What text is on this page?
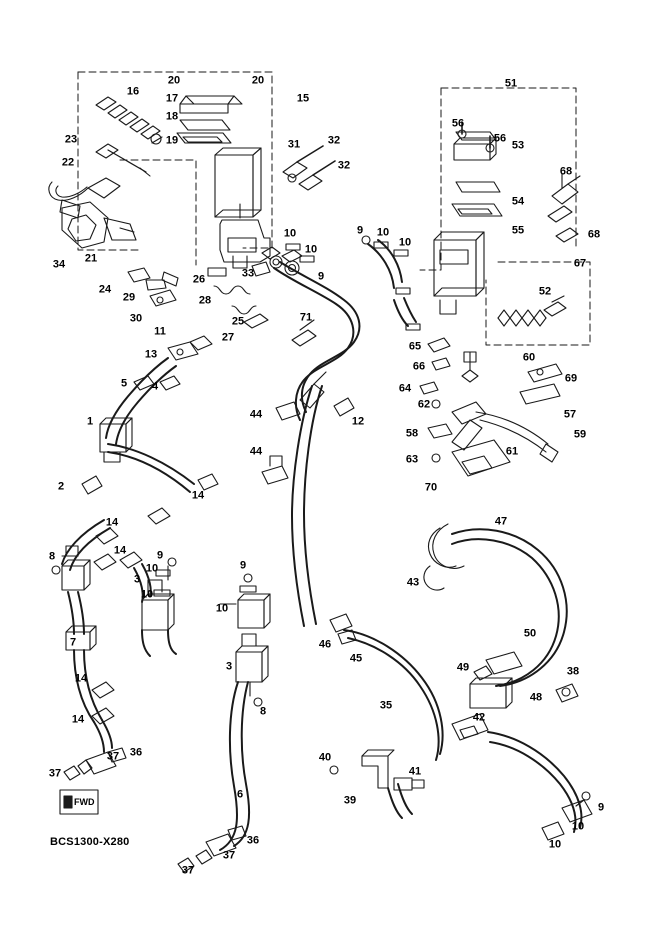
BCS1300-X280
FWD
20	20
16
17	15
51
18
56
56
19
23	53
31	32
32
22
68
54
68
55
67
9 10
10
10
10
21
34
9
24
26	33
52
29	28
30	25
11
71
27
65
60
13
66
69
5 4	64
57
62
12
1
44
58
61
59
63
44
2	70
14
47
14
14
8	9
43
10
3
9
10
10
50
7	46
45
49	38
14
3
48
35
42
14
8
37 36	40
41
37
39
9
6
10
36	10
37
37
